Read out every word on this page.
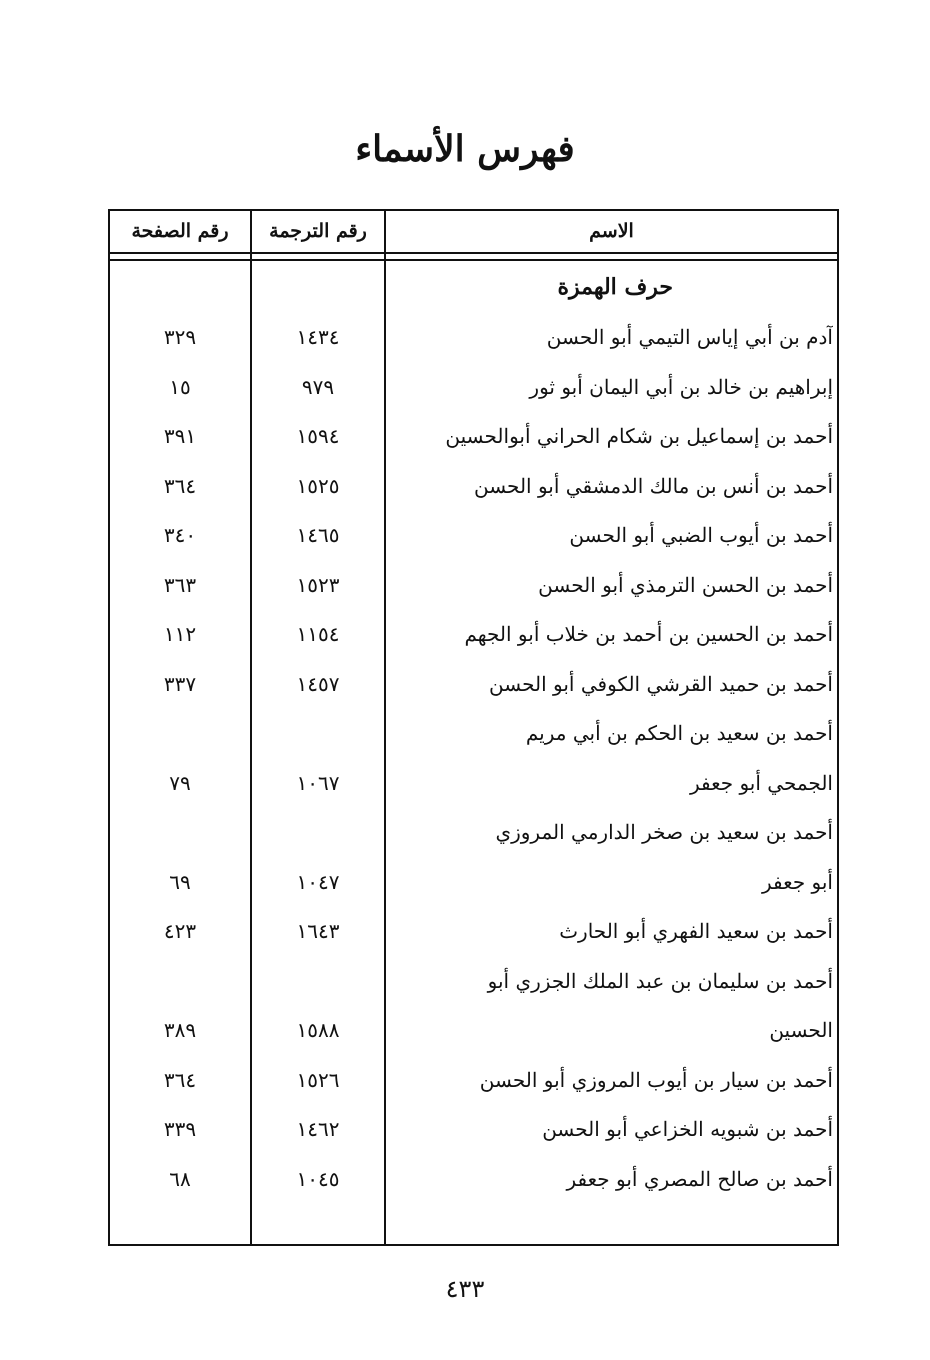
فهرس الأسماء
الاسم
رقم الترجمة
رقم الصفحة
حرف الهمزة
آدم بن أبي إياس التيمي أبو الحسن
١٤٣٤
٣٢٩
إبراهيم بن خالد بن أبي اليمان أبو ثور
٩٧٩
١٥
أحمد بن إسماعيل بن شكام الحراني أبوالحسين
١٥٩٤
٣٩١
أحمد بن أنس بن مالك الدمشقي أبو الحسن
١٥٢٥
٣٦٤
أحمد بن أيوب الضبي أبو الحسن
١٤٦٥
٣٤٠
أحمد بن الحسن الترمذي أبو الحسن
١٥٢٣
٣٦٣
أحمد بن الحسين بن أحمد بن خلاب أبو الجهم
١١٥٤
١١٢
أحمد بن حميد القرشي الكوفي أبو الحسن
١٤٥٧
٣٣٧
أحمد بن سعيد بن الحكم بن أبي مريم
الجمحي أبو جعفر
١٠٦٧
٧٩
أحمد بن سعيد بن صخر الدارمي المروزي
أبو جعفر
١٠٤٧
٦٩
أحمد بن سعيد الفهري أبو الحارث
١٦٤٣
٤٢٣
أحمد بن سليمان بن عبد الملك الجزري أبو
الحسين
١٥٨٨
٣٨٩
أحمد بن سيار بن أيوب المروزي أبو الحسن
١٥٢٦
٣٦٤
أحمد بن شبويه الخزاعي أبو الحسن
١٤٦٢
٣٣٩
أحمد بن صالح المصري أبو جعفر
١٠٤٥
٦٨
٤٣٣
